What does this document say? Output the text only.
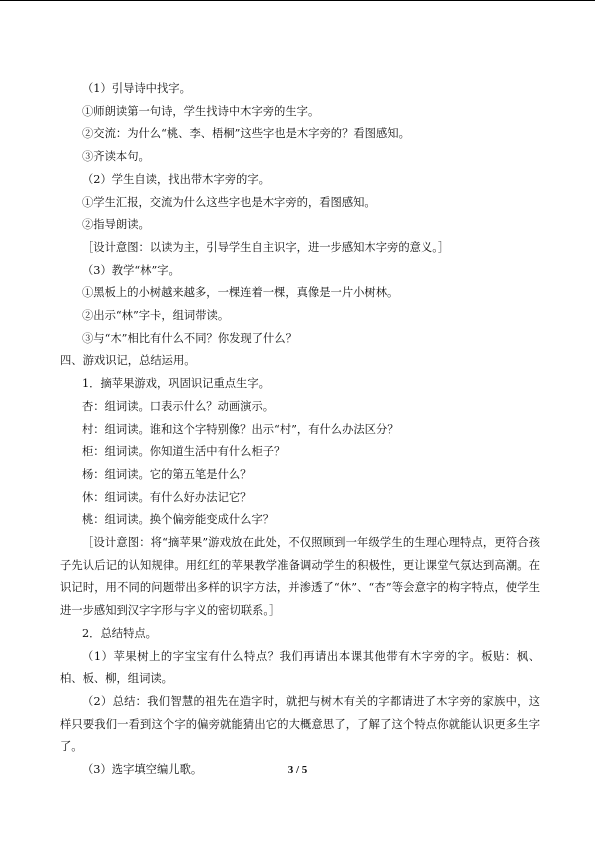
（1）引导诗中找字。
①师朗读第一句诗，学生找诗中木字旁的生字。
②交流：为什么“桃、李、梧桐”这些字也是木字旁的？看图感知。
③齐读本句。
（2）学生自读，找出带木字旁的字。
①学生汇报，交流为什么这些字也是木字旁的，看图感知。
②指导朗读。
［设计意图：以读为主，引导学生自主识字，进一步感知木字旁的意义。］
（3）教学“林”字。
①黑板上的小树越来越多，一棵连着一棵，真像是一片小树林。
②出示“林”字卡，组词带读。
③与“木”相比有什么不同？你发现了什么？
四、游戏识记，总结运用。
1．摘苹果游戏，巩固识记重点生字。
杏：组词读。口表示什么？动画演示。
村：组词读。谁和这个字特别像？出示“村”，有什么办法区分？
柜：组词读。你知道生活中有什么柜子？
杨：组词读。它的第五笔是什么？
休：组词读。有什么好办法记它？
桃：组词读。换个偏旁能变成什么字？
［设计意图：将“摘苹果”游戏放在此处，不仅照顾到一年级学生的生理心理特点，更符合孩子先认后记的认知规律。用红红的苹果教学准备调动学生的积极性，更让课堂气氛达到高潮。在识记时，用不同的问题带出多样的识字方法，并渗透了“休”、“杏”等会意字的构字特点，使学生进一步感知到汉字字形与字义的密切联系。］
2．总结特点。
（1）苹果树上的字宝宝有什么特点？我们再请出本课其他带有木字旁的字。板贴：枫、柏、板、柳，组词读。
（2）总结：我们智慧的祖先在造字时，就把与树木有关的字都请进了木字旁的家族中，这样只要我们一看到这个字的偏旁就能猜出它的大概意思了，了解了这个特点你就能认识更多生字了。
（3）选字填空编儿歌。	3 / 5
